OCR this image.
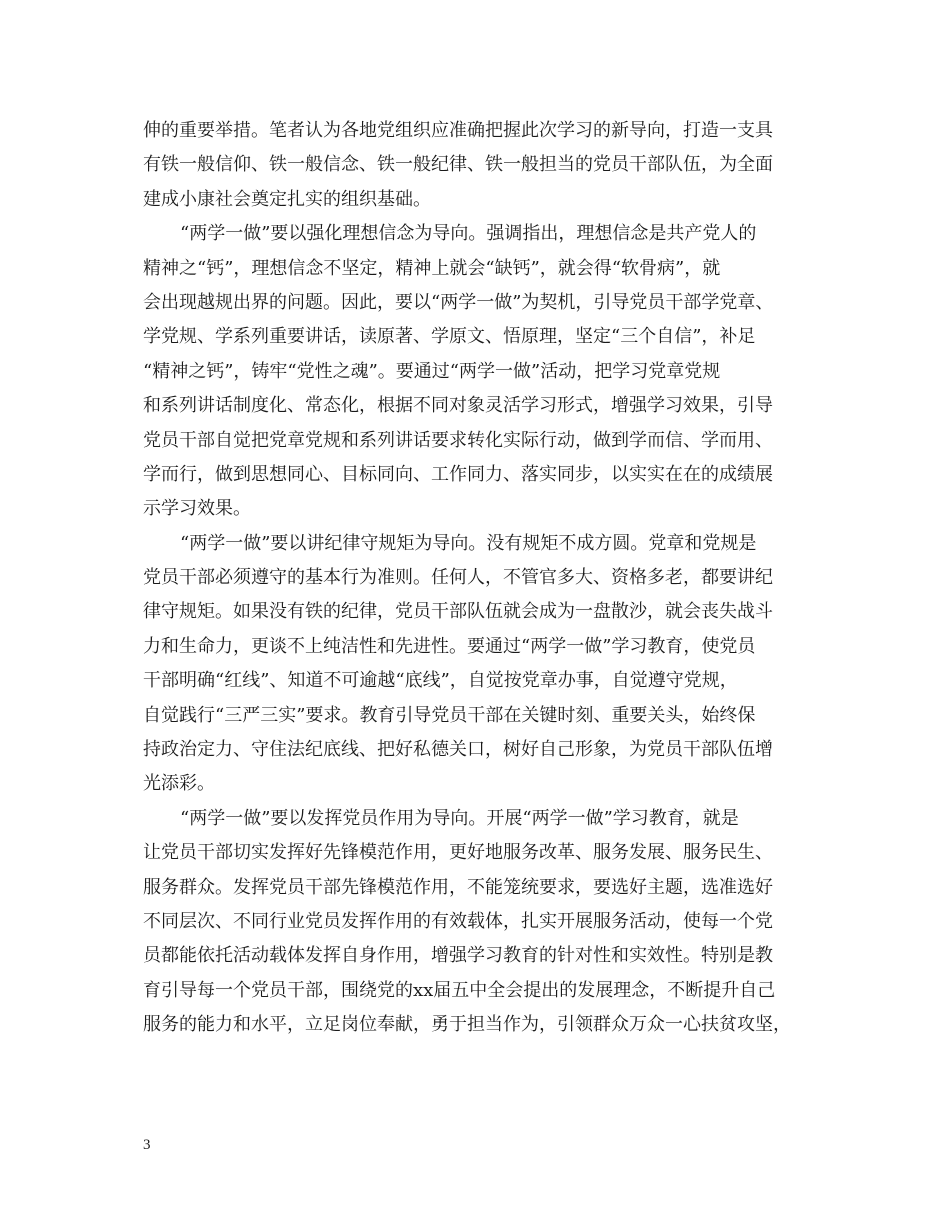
伸的重要举措。笔者认为各地党组织应准确把握此次学习的新导向，打造一支具
有铁一般信仰、铁一般信念、铁一般纪律、铁一般担当的党员干部队伍，为全面
建成小康社会奠定扎实的组织基础。
“两学一做”要以强化理想信念为导向。强调指出，理想信念是共产党人的
精神之“钙”，理想信念不坚定，精神上就会“缺钙”，就会得“软骨病”，就
会出现越规出界的问题。因此，要以“两学一做”为契机，引导党员干部学党章、
学党规、学系列重要讲话，读原著、学原文、悟原理，坚定“三个自信”，补足
“精神之钙”，铸牢“党性之魂”。要通过“两学一做”活动，把学习党章党规
和系列讲话制度化、常态化，根据不同对象灵活学习形式，增强学习效果，引导
党员干部自觉把党章党规和系列讲话要求转化实际行动，做到学而信、学而用、
学而行，做到思想同心、目标同向、工作同力、落实同步，以实实在在的成绩展
示学习效果。
“两学一做”要以讲纪律守规矩为导向。没有规矩不成方圆。党章和党规是
党员干部必须遵守的基本行为准则。任何人，不管官多大、资格多老，都要讲纪
律守规矩。如果没有铁的纪律，党员干部队伍就会成为一盘散沙，就会丧失战斗
力和生命力，更谈不上纯洁性和先进性。要通过“两学一做”学习教育，使党员
干部明确“红线”、知道不可逾越“底线”，自觉按党章办事，自觉遵守党规，
自觉践行“三严三实”要求。教育引导党员干部在关键时刻、重要关头，始终保
持政治定力、守住法纪底线、把好私德关口，树好自己形象，为党员干部队伍增
光添彩。
“两学一做”要以发挥党员作用为导向。开展“两学一做”学习教育，就是
让党员干部切实发挥好先锋模范作用，更好地服务改革、服务发展、服务民生、
服务群众。发挥党员干部先锋模范作用，不能笼统要求，要选好主题，选准选好
不同层次、不同行业党员发挥作用的有效载体，扎实开展服务活动，使每一个党
员都能依托活动载体发挥自身作用，增强学习教育的针对性和实效性。特别是教
育引导每一个党员干部，围绕党的xx届五中全会提出的发展理念，不断提升自己
服务的能力和水平，立足岗位奉献，勇于担当作为，引领群众万众一心扶贫攻坚，
3
